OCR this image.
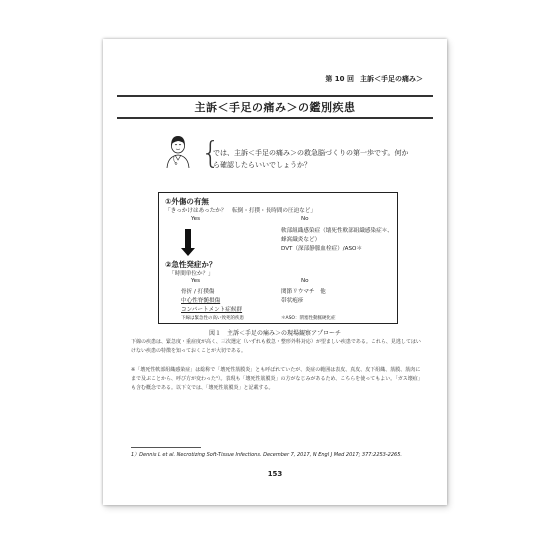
第 10 回 主訴＜手足の痛み＞
主訴＜手足の痛み＞の鑑別疾患
{
では、主訴＜手足の痛み＞の救急脳づくりの第一歩です。何から確認したらいいでしょうか？
①外傷の有無
「きっかけはあったか？　転倒・打撲・長時間の圧迫など」
Yes	No
軟部組織感染症（壊死性軟部組織感染症＊、
蜂窩織炎など）
DVT（深部静脈血栓症）/ASO＊
②急性発症か？
「時間単位か？」
Yes	No
骨折 / 打撲傷
中心性脊髄損傷
コンパートメント症候群
関節リウマチ　他
帯状疱疹
下線は緊急性の高い致死的疾患	＊ASO：閉塞性動脈硬化症
図１　主訴＜手足の痛み＞の現場観察アプローチ
下線の疾患は、緊急度・重症度が高く、三次選定（いずれも救急・整形外科対応）が望ましい疾患である。これら、見逃してはいけない疾患の特徴を知っておくことが大切である。
※「壊死性軟部組織感染症」は総称で「壊死性筋膜炎」とも呼ばれていたが、炎症の範囲は表皮、真皮、皮下組織、筋膜、筋肉にまで及ぶことから、呼び方が変わった¹）。表現も「壊死性筋膜炎」の方がなじみがあるため、こちらを使ってもよい。「ガス壊疽」も含む概念である。以下文では、「壊死性筋膜炎」と記載する。
1）Dennis L et al. Necrotizing Soft-Tissue Infections. December 7, 2017, N Engl J Med 2017; 377:2253-2265.
153
